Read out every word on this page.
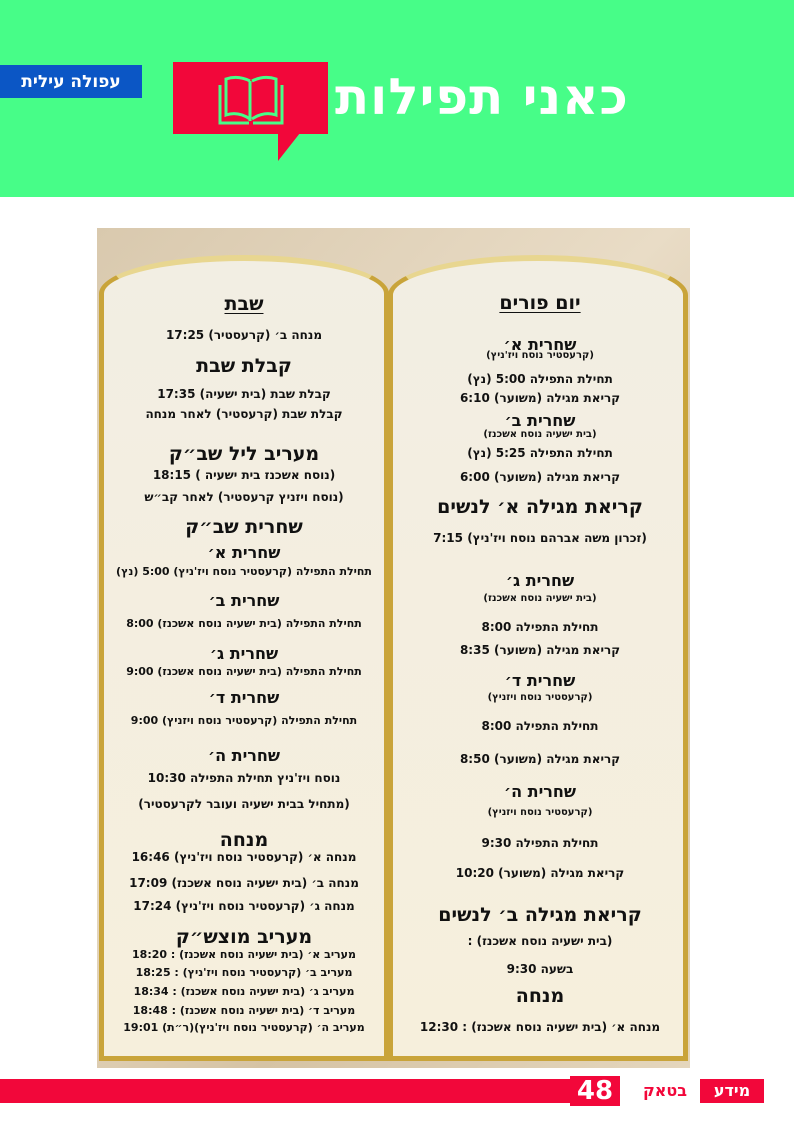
עפולה עילית	כאני תפילות
יום פורים
שחרית א׳
(קרעסטיר נוסח ויז'ניץ)
תחילת התפילה 5:00 (נץ)
קריאת מגילה (משוער) 6:10
שחרית ב׳
(בית ישעיה נוסח אשכנז)
תחילת התפילה 5:25 (נץ)
קריאת מגילה (משוער) 6:00
קריאת מגילה א׳ לנשים
(זכרון משה אברהם נוסח ויז'ניץ) 7:15
שחרית ג׳
(בית ישעיה נוסח אשכנז)
תחילת התפילה 8:00
קריאת מגילה (משוער) 8:35
שחרית ד׳
(קרעסטיר נוסח ויזניץ)
תחילת התפילה 8:00
קריאת מגילה (משוער) 8:50
שחרית ה׳
(קרעסטיר נוסח ויזניץ)
תחילת התפילה 9:30
קריאת מגילה (משוער) 10:20
קריאת מגילה ב׳ לנשים
(בית ישעיה נוסח אשכנז) :
בשעה 9:30
מנחה
מנחה א׳ (בית ישעיה נוסח אשכנז) : 12:30
שבת
מנחה ב׳ (קרעסטיר) 17:25
קבלת שבת
קבלת שבת (בית ישעיה) 17:35
קבלת שבת (קרעסטיר) לאחר מנחה
מעריב ליל שב״ק
(נוסח אשכנז בית ישעיה ) 18:15
(נוסח ויזניץ קרעסטיר) לאחר קב״ש
שחרית שב״ק
שחרית א׳
תחילת התפילה (קרעסטיר נוסח ויז'ניץ) 5:00 (נץ)
שחרית ב׳
תחילת התפילה (בית ישעיה נוסח אשכנז) 8:00
שחרית ג׳
תחילת התפילה (בית ישעיה נוסח אשכנז) 9:00
שחרית ד׳
תחילת התפילה (קרעסטיר נוסח ויזניץ) 9:00
שחרית ה׳
נוסח ויז'ניץ תחילת התפילה 10:30
(מתחיל בבית ישעיה ועובר לקרעסטיר)
מנחה
מנחה א׳ (קרעסטיר נוסח ויז'ניץ) 16:46
מנחה ב׳ (בית ישעיה נוסח אשכנז) 17:09
מנחה ג׳ (קרעסטיר נוסח ויז'ניץ) 17:24
מעריב מוצש״ק
מעריב א׳ (בית ישעיה נוסח אשכנז) : 18:20
מעריב ב׳ (קרעסטיר נוסח ויז'ניץ) : 18:25
מעריב ג׳ (בית ישעיה נוסח אשכנז) : 18:34
מעריב ד׳ (בית ישעיה נוסח אשכנז) : 18:48
מעריב ה׳ (קרעסטיר נוסח ויז'ניץ)(ר״ת) 19:01
48	בטאק	מידע
